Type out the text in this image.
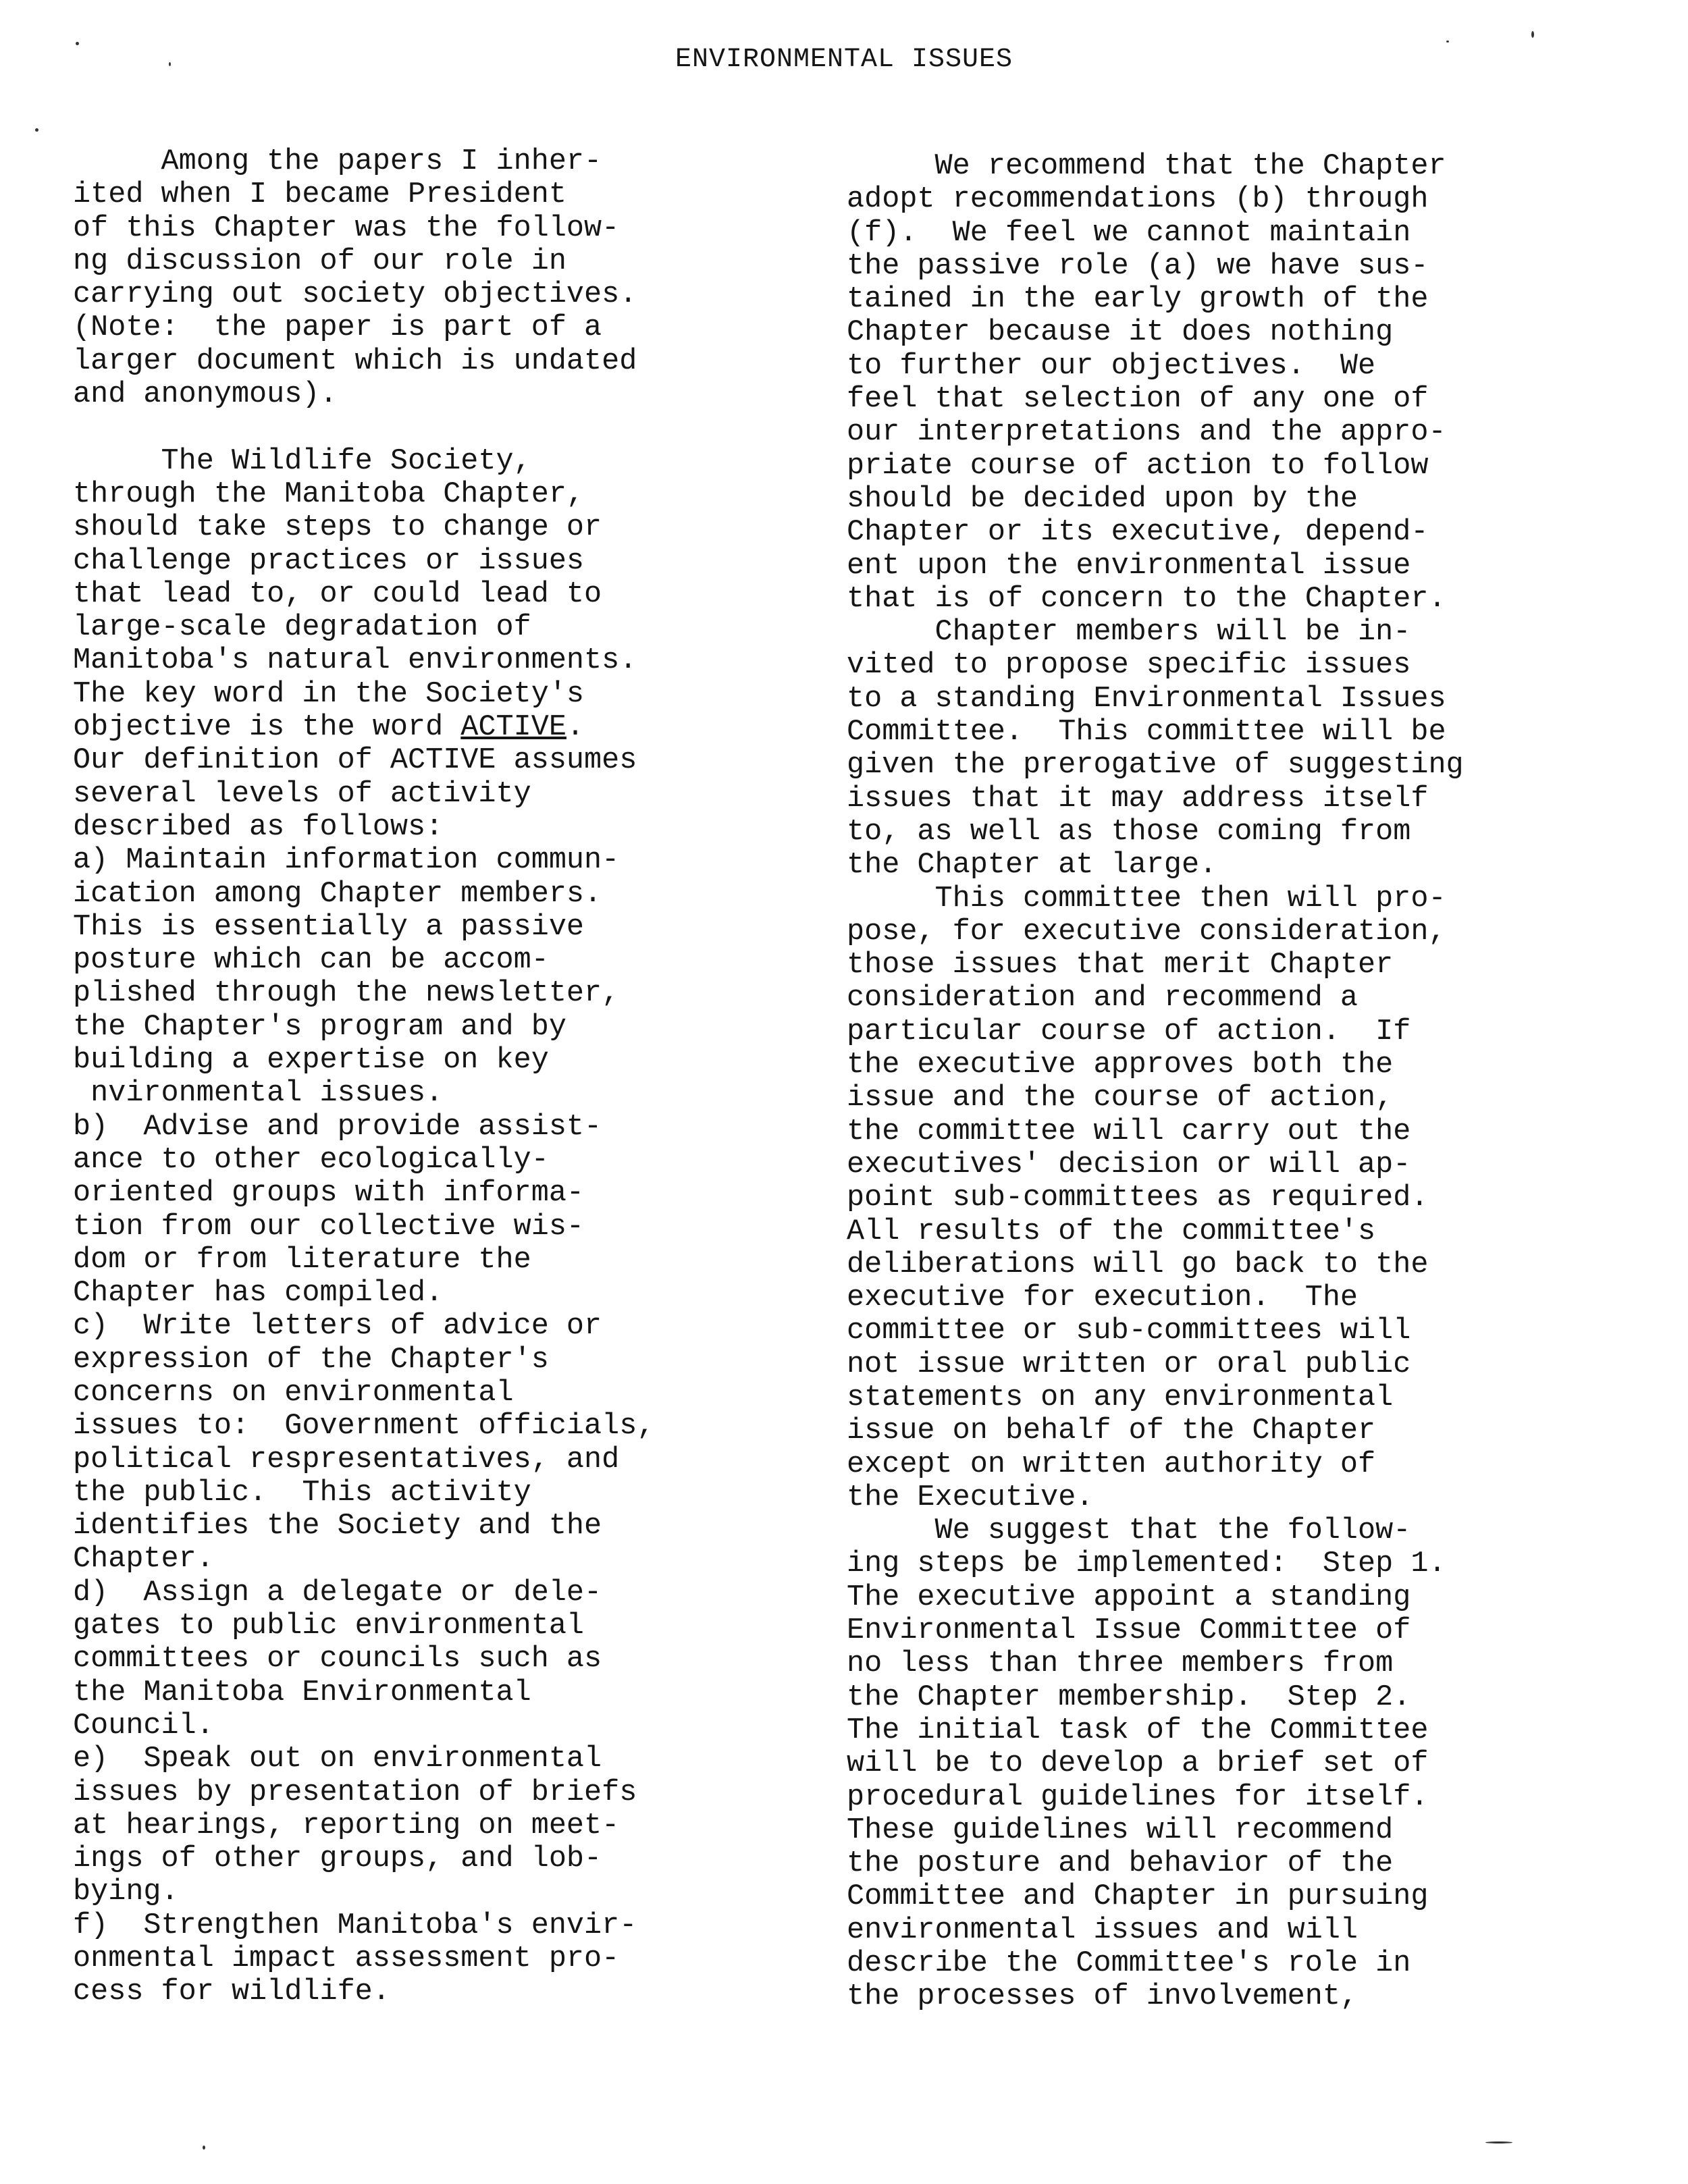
ENVIRONMENTAL ISSUES
Among the papers I inher-
ited when I became President
of this Chapter was the follow-
ng discussion of our role in
carrying out society objectives.
(Note:  the paper is part of a
larger document which is undated
and anonymous).
The Wildlife Society,
through the Manitoba Chapter,
should take steps to change or
challenge practices or issues
that lead to, or could lead to
large-scale degradation of
Manitoba's natural environments.
The key word in the Society's
objective is the word ACTIVE.
Our definition of ACTIVE assumes
several levels of activity
described as follows:
a) Maintain information commun-
ication among Chapter members.
This is essentially a passive
posture which can be accom-
plished through the newsletter,
the Chapter's program and by
building a expertise on key
nvironmental issues.
b)  Advise and provide assist-
ance to other ecologically-
oriented groups with informa-
tion from our collective wis-
dom or from literature the
Chapter has compiled.
c)  Write letters of advice or
expression of the Chapter's
concerns on environmental
issues to:  Government officials,
political respresentatives, and
the public.  This activity
identifies the Society and the
Chapter.
d)  Assign a delegate or dele-
gates to public environmental
committees or councils such as
the Manitoba Environmental
Council.
e)  Speak out on environmental
issues by presentation of briefs
at hearings, reporting on meet-
ings of other groups, and lob-
bying.
f)  Strengthen Manitoba's envir-
onmental impact assessment pro-
cess for wildlife.
We recommend that the Chapter
adopt recommendations (b) through
(f).  We feel we cannot maintain
the passive role (a) we have sus-
tained in the early growth of the
Chapter because it does nothing
to further our objectives.  We
feel that selection of any one of
our interpretations and the appro-
priate course of action to follow
should be decided upon by the
Chapter or its executive, depend-
ent upon the environmental issue
that is of concern to the Chapter.
Chapter members will be in-
vited to propose specific issues
to a standing Environmental Issues
Committee.  This committee will be
given the prerogative of suggesting
issues that it may address itself
to, as well as those coming from
the Chapter at large.
This committee then will pro-
pose, for executive consideration,
those issues that merit Chapter
consideration and recommend a
particular course of action.  If
the executive approves both the
issue and the course of action,
the committee will carry out the
executives' decision or will ap-
point sub-committees as required.
All results of the committee's
deliberations will go back to the
executive for execution.  The
committee or sub-committees will
not issue written or oral public
statements on any environmental
issue on behalf of the Chapter
except on written authority of
the Executive.
We suggest that the follow-
ing steps be implemented:  Step 1.
The executive appoint a standing
Environmental Issue Committee of
no less than three members from
the Chapter membership.  Step 2.
The initial task of the Committee
will be to develop a brief set of
procedural guidelines for itself.
These guidelines will recommend
the posture and behavior of the
Committee and Chapter in pursuing
environmental issues and will
describe the Committee's role in
the processes of involvement,
